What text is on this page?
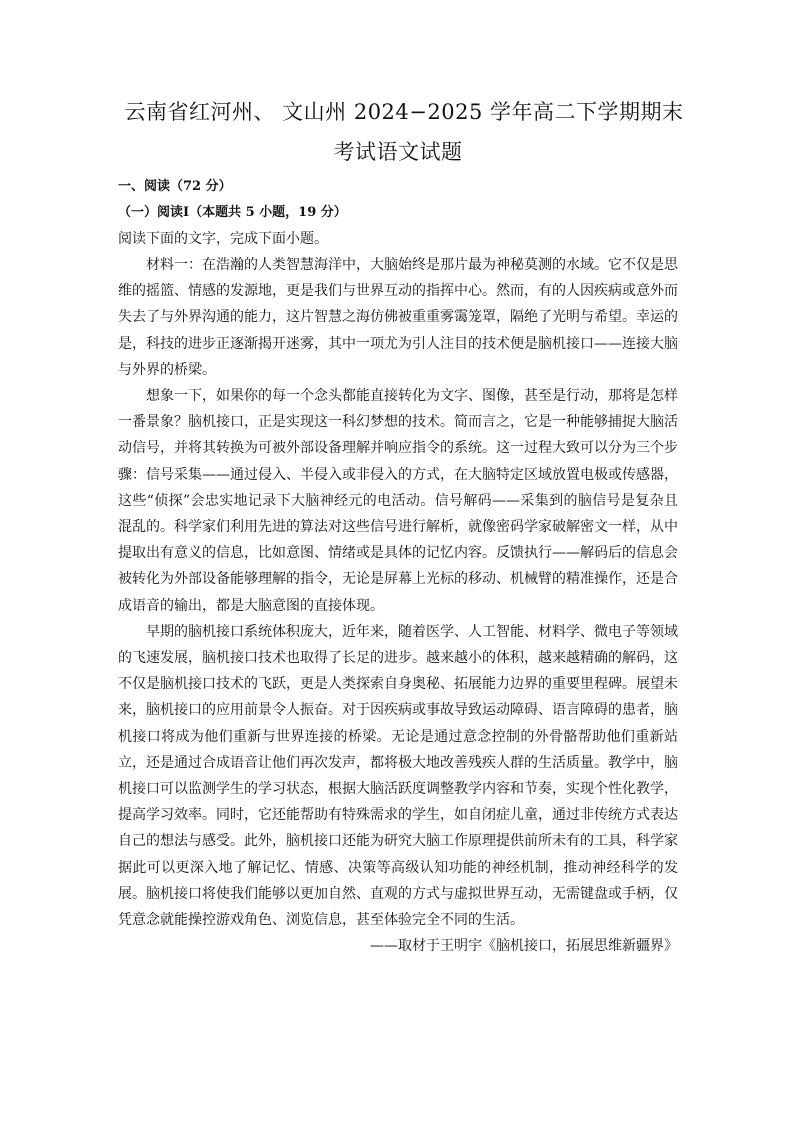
云南省红河州、 文山州 2024−2025 学年高二下学期期末
考试语文试题

一、阅读（72 分）

（一）阅读Ⅰ（本题共 5 小题，19 分）

阅读下面的文字，完成下面小题。

材料一：在浩瀚的人类智慧海洋中，大脑始终是那片最为神秘莫测的水域。它不仅是思维的摇篮、情感的发源地，更是我们与世界互动的指挥中心。然而，有的人因疾病或意外而失去了与外界沟通的能力，这片智慧之海仿佛被重重雾霭笼罩，隔绝了光明与希望。幸运的是，科技的进步正逐渐揭开迷雾，其中一项尤为引人注目的技术便是脑机接口——连接大脑与外界的桥梁。

想象一下，如果你的每一个念头都能直接转化为文字、图像，甚至是行动，那将是怎样一番景象？脑机接口，正是实现这一科幻梦想的技术。简而言之，它是一种能够捕捉大脑活动信号，并将其转换为可被外部设备理解并响应指令的系统。这一过程大致可以分为三个步骤：信号采集——通过侵入、半侵入或非侵入的方式，在大脑特定区域放置电极或传感器，这些“侦探”会忠实地记录下大脑神经元的电活动。信号解码——采集到的脑信号是复杂且混乱的。科学家们利用先进的算法对这些信号进行解析，就像密码学家破解密文一样，从中提取出有意义的信息，比如意图、情绪或是具体的记忆内容。反馈执行——解码后的信息会被转化为外部设备能够理解的指令，无论是屏幕上光标的移动、机械臂的精准操作，还是合成语音的输出，都是大脑意图的直接体现。

早期的脑机接口系统体积庞大，近年来，随着医学、人工智能、材料学、微电子等领域的飞速发展，脑机接口技术也取得了长足的进步。越来越小的体积，越来越精确的解码，这不仅是脑机接口技术的飞跃，更是人类探索自身奥秘、拓展能力边界的重要里程碑。展望未来，脑机接口的应用前景令人振奋。对于因疾病或事故导致运动障碍、语言障碍的患者，脑机接口将成为他们重新与世界连接的桥梁。无论是通过意念控制的外骨骼帮助他们重新站立，还是通过合成语音让他们再次发声，都将极大地改善残疾人群的生活质量。教学中，脑机接口可以监测学生的学习状态，根据大脑活跃度调整教学内容和节奏，实现个性化教学，提高学习效率。同时，它还能帮助有特殊需求的学生，如自闭症儿童，通过非传统方式表达自己的想法与感受。此外，脑机接口还能为研究大脑工作原理提供前所未有的工具，科学家据此可以更深入地了解记忆、情感、决策等高级认知功能的神经机制，推动神经科学的发展。脑机接口将使我们能够以更加自然、直观的方式与虚拟世界互动，无需键盘或手柄，仅凭意念就能操控游戏角色、浏览信息，甚至体验完全不同的生活。

——取材于王明宇《脑机接口，拓展思维新疆界》
